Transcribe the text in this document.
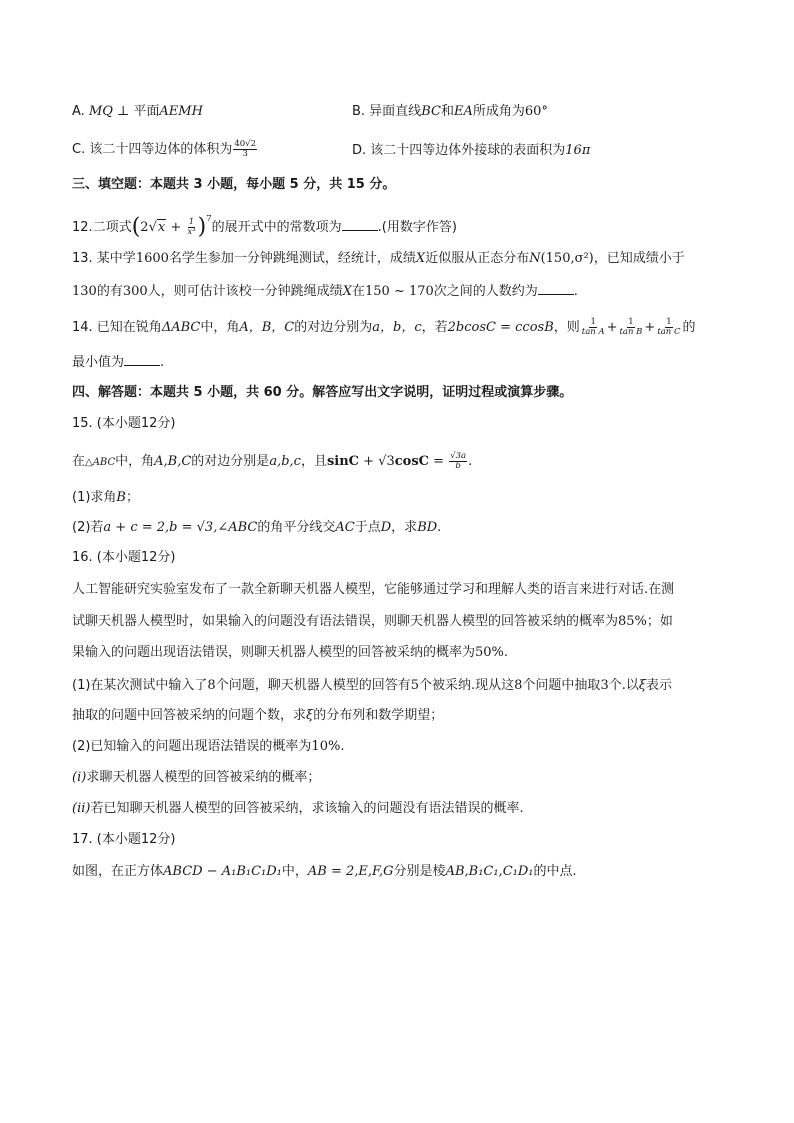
A. MQ ⊥ 平面AEMH	B. 异面直线BC和EA所成角为60°
C. 该二十四等边体的体积为 $\frac{40√2}{3}$	D. 该二十四等边体外接球的表面积为16π
三、填空题：本题共 3 小题，每小题 5 分，共 15 分。
12.二项式$(2√x + \frac{1}{\text{x³}} )^7$的展开式中的常数项为	.(用数字作答)
13. 某中学1600名学生参加一分钟跳绳测试，经统计，成绩X近似服从正态分布N(150,σ²)，已知成绩小于
130的有300人，则可估计该校一分钟跳绳成绩X在150 ~ 170次之间的人数约为	.
14. 已知在锐角ΔABC中，角A，B，C的对边分别为a，b，c，若2bcosC = ccosB，则 $\frac{1}{\text{tan A}} + \frac{1}{\text{tan B}} + \frac{1}{\text{tan C}}$ 的
最小值为	.
四、解答题：本题共 5 小题，共 60 分。解答应写出文字说明，证明过程或演算步骤。
15. (本小题12分)
在△ABC中，角A,B,C的对边分别是a,b,c，且$\sin C + √3\cos C = \frac{√3a}{b}$ .
(1)求角B；
(2)若a + c = 2,b = √3,∠ABC的角平分线交AC于点D，求BD.
16. (本小题12分)
人工智能研究实验室发布了一款全新聊天机器人模型，它能够通过学习和理解人类的语言来进行对话.在测
试聊天机器人模型时，如果输入的问题没有语法错误，则聊天机器人模型的回答被采纳的概率为85%；如
果输入的问题出现语法错误，则聊天机器人模型的回答被采纳的概率为50%.
(1)在某次测试中输入了8个问题，聊天机器人模型的回答有5个被采纳.现从这8个问题中抽取3个.以ξ表示
抽取的问题中回答被采纳的问题个数，求ξ的分布列和数学期望；
(2)已知输入的问题出现语法错误的概率为10%.
(i)求聊天机器人模型的回答被采纳的概率；
(ii)若已知聊天机器人模型的回答被采纳，求该输入的问题没有语法错误的概率.
17. (本小题12分)
如图，在正方体ABCD − A₁B₁C₁D₁中，AB = 2,E,F,G分别是棱AB,B₁C₁,C₁D₁的中点.
